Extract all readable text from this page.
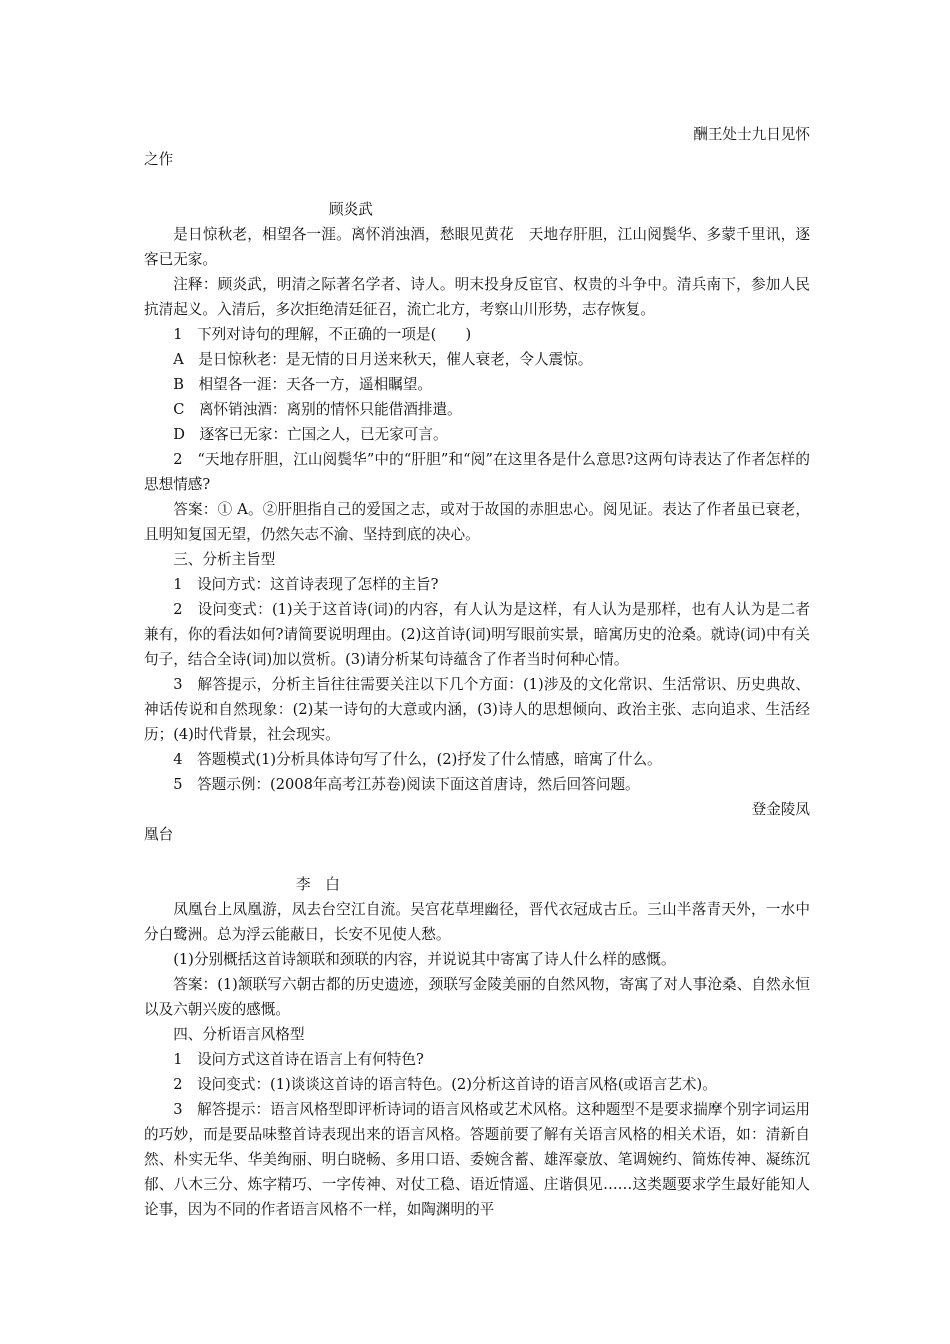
酬王处士九日见怀

之作

顾炎武

是日惊秋老，相望各一涯。离怀消浊酒，愁眼见黄花　天地存肝胆，江山阅鬓华、多蒙千里讯，逐客已无家。

注释：顾炎武，明清之际著名学者、诗人。明末投身反宦官、权贵的斗争中。清兵南下，参加人民抗清起义。入清后，多次拒绝清廷征召，流亡北方，考察山川形势，志存恢复。

1　下列对诗句的理解，不正确的一项是(　　)

A　是日惊秋老：是无情的日月送来秋天，催人衰老，令人震惊。

B　相望各一涯：天各一方，遥相瞩望。

C　离怀销浊酒：离别的情怀只能借酒排遣。

D　逐客已无家：亡国之人，已无家可言。

2　“天地存肝胆，江山阅鬓华”中的“肝胆”和“阅”在这里各是什么意思?这两句诗表达了作者怎样的思想情感?

答案：① A。②肝胆指自己的爱国之志，或对于故国的赤胆忠心。阅见证。表达了作者虽已衰老，且明知复国无望，仍然矢志不渝、坚持到底的决心。

三、分析主旨型

1　设问方式：这首诗表现了怎样的主旨?

2　设问变式：(1)关于这首诗(词)的内容，有人认为是这样，有人认为是那样，也有人认为是二者兼有，你的看法如何?请简要说明理由。(2)这首诗(词)明写眼前实景，暗寓历史的沧桑。就诗(词)中有关句子，结合全诗(词)加以赏析。(3)请分析某句诗蕴含了作者当时何种心情。

3　解答提示，分析主旨往往需要关注以下几个方面：(1)涉及的文化常识、生活常识、历史典故、神话传说和自然现象：(2)某一诗句的大意或内涵，(3)诗人的思想倾向、政治主张、志向追求、生活经历；(4)时代背景，社会现实。

4　答题模式(1)分析具体诗句写了什么，(2)抒发了什么情感，暗寓了什么。

5　答题示例：(2008年高考江苏卷)阅读下面这首唐诗，然后回答问题。

登金陵凤

凰台

李　白

凤凰台上凤凰游，凤去台空江自流。吴宫花草埋幽径，晋代衣冠成古丘。三山半落青天外，一水中分白鹭洲。总为浮云能蔽日，长安不见使人愁。

(1)分别概括这首诗颔联和颈联的内容，并说说其中寄寓了诗人什么样的感慨。

答案：(1)颔联写六朝古都的历史遗迹，颈联写金陵美丽的自然风物，寄寓了对人事沧桑、自然永恒以及六朝兴废的感慨。

四、分析语言风格型

1　设问方式这首诗在语言上有何特色?

2　设问变式：(1)谈谈这首诗的语言特色。(2)分析这首诗的语言风格(或语言艺术)。

3　解答提示：语言风格型即评析诗词的语言风格或艺术风格。这种题型不是要求揣摩个别字词运用的巧妙，而是要品味整首诗表现出来的语言风格。答题前要了解有关语言风格的相关术语，如：清新自然、朴实无华、华美绚丽、明白晓畅、多用口语、委婉含蓄、雄浑豪放、笔调婉约、简炼传神、凝练沉郁、八木三分、炼字精巧、一字传神、对仗工稳、语近情遥、庄谐俱见……这类题要求学生最好能知人论事，因为不同的作者语言风格不一样，如陶渊明的平
